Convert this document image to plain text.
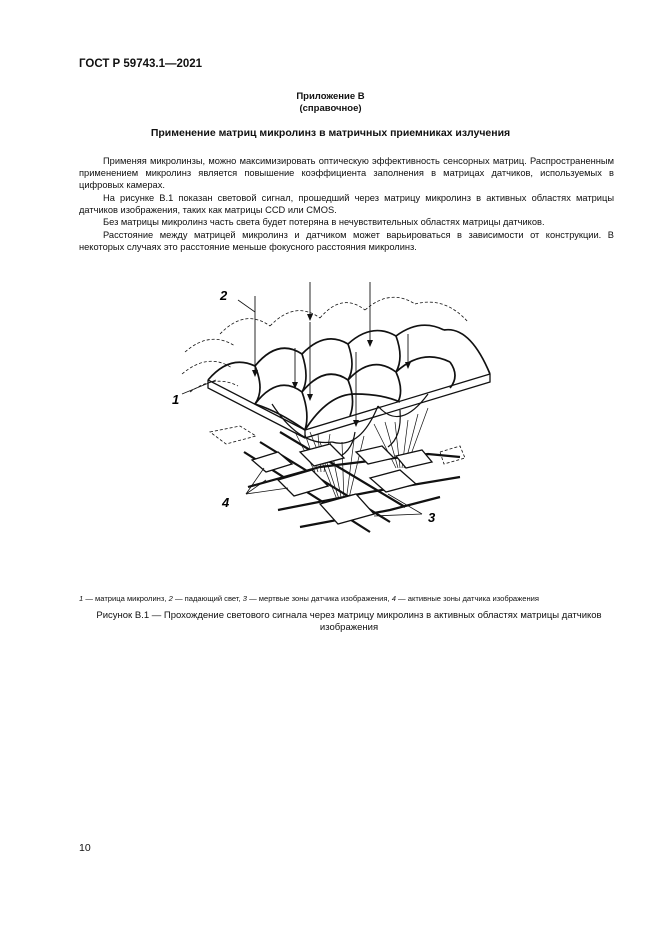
ГОСТ Р 59743.1—2021
Приложение В
(справочное)
Применение матриц микролинз в матричных приемниках излучения
Применяя микролинзы, можно максимизировать оптическую эффективность сенсорных матриц. Распространенным применением микролинз является повышение коэффициента заполнения в матрицах датчиков, используемых в цифровых камерах.
На рисунке В.1 показан световой сигнал, прошедший через матрицу микролинз в активных областях матрицы датчиков изображения, таких как матрицы CCD или CMOS.
Без матрицы микролинз часть света будет потеряна в нечувствительных областях матрицы датчиков.
Расстояние между матрицей микролинз и датчиком может варьироваться в зависимости от конструкции. В некоторых случаях это расстояние меньше фокусного расстояния микролинз.
2
1
4
3
1 — матрица микролинз, 2 — падающий свет, 3 — мертвые зоны датчика изображения, 4 — активные зоны датчика изображения
Рисунок В.1 — Прохождение светового сигнала через матрицу микролинз в активных областях матрицы датчиков изображения
10
